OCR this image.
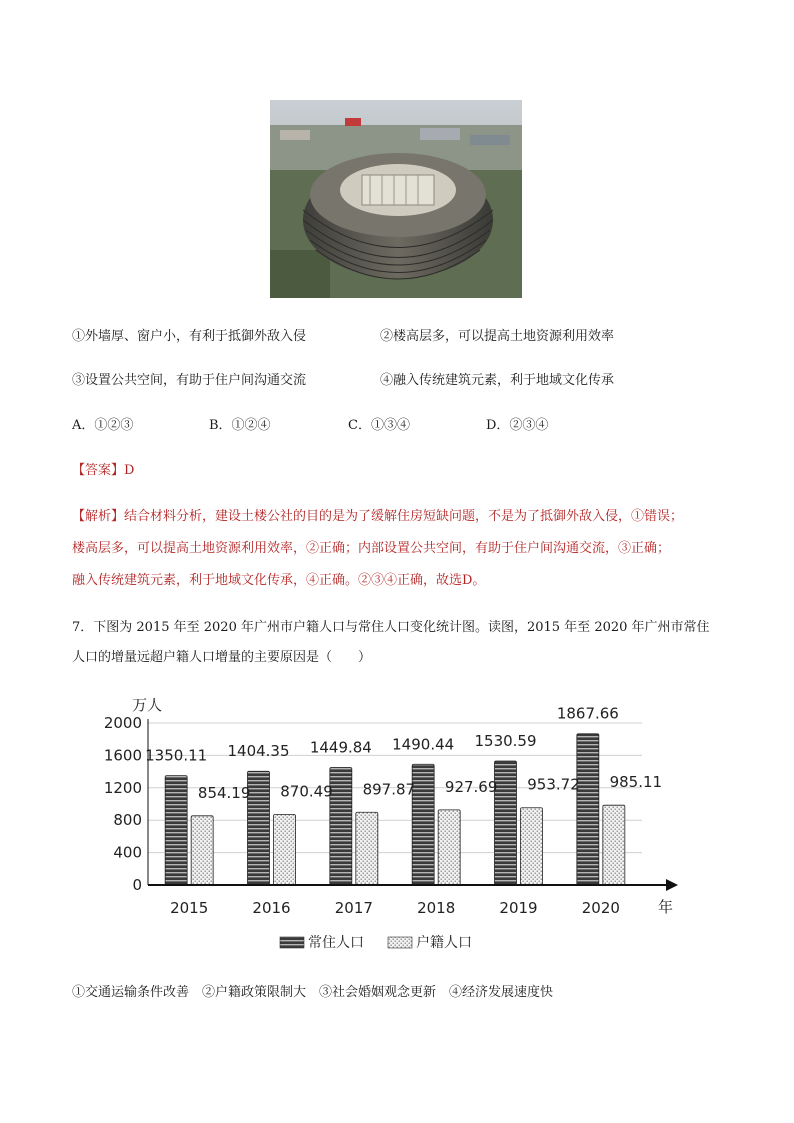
①外墙厚、窗户小，有利于抵御外敌入侵	②楼高层多，可以提高土地资源利用效率
③设置公共空间，有助于住户间沟通交流	④融入传统建筑元素，利于地域文化传承
A．①②③	B．①②④	C．①③④	D．②③④
【答案】D
【解析】结合材料分析，建设土楼公社的目的是为了缓解住房短缺问题，不是为了抵御外敌入侵，①错误；
楼高层多，可以提高土地资源利用效率，②正确；内部设置公共空间，有助于住户间沟通交流，③正确；
融入传统建筑元素，利于地域文化传承，④正确。②③④正确，故选D。
7．下图为 2015 年至 2020 年广州市户籍人口与常住人口变化统计图。读图，2015 年至 2020 年广州市常住
人口的增量远超户籍人口增量的主要原因是（　　）
1350.11
854.19
1404.35
870.49
1449.84
897.87
1490.44
927.69
1530.59
953.72
1867.66
985.11
0
400
800
1200
1600
2000
2015	2016	2017	2018	2019	2020
万人
年
常住人口	户籍人口
①交通运输条件改善　②户籍政策限制大　③社会婚姻观念更新　④经济发展速度快
